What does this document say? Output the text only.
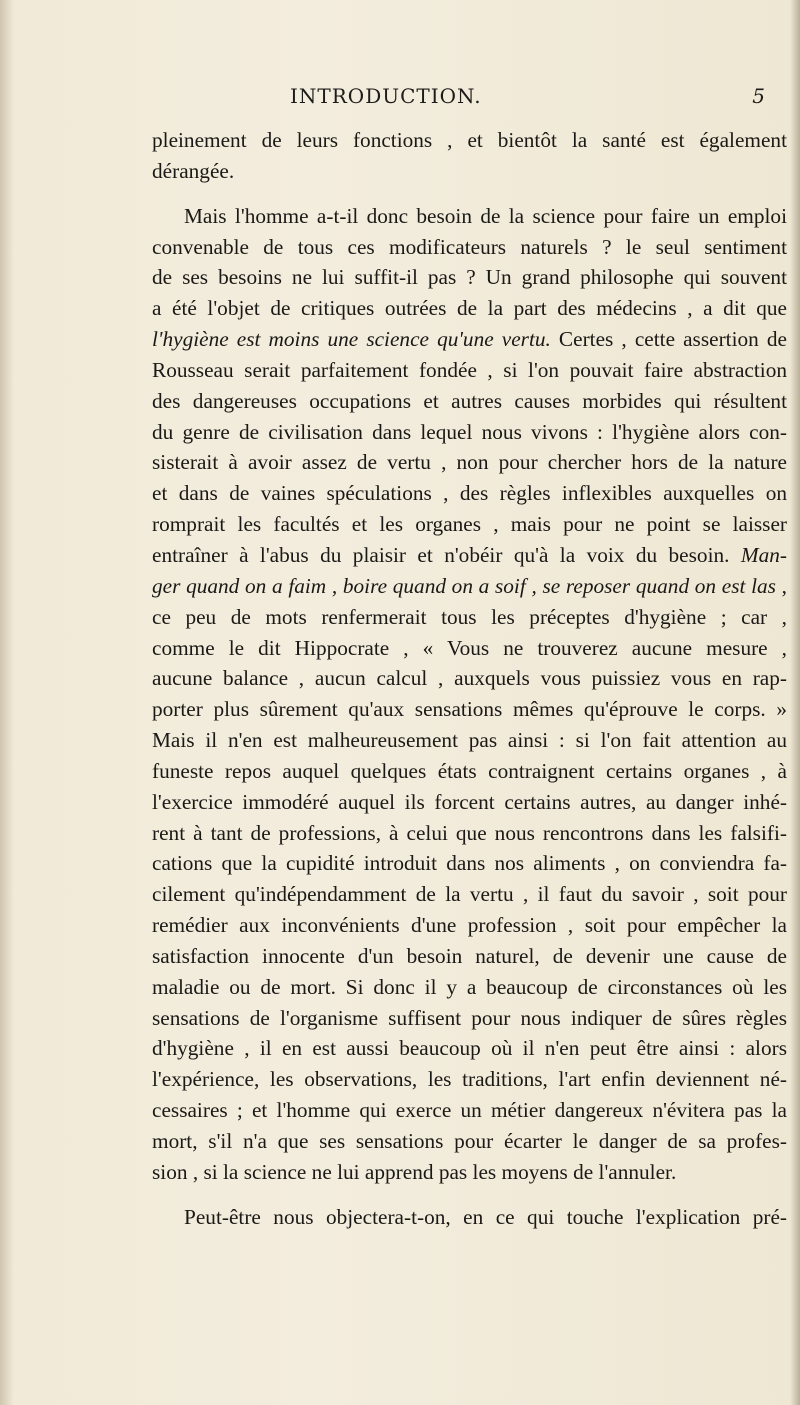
INTRODUCTION.	5

pleinement de leurs fonctions , et bientôt la santé est également
dérangée.

Mais l'homme a-t-il donc besoin de la science pour faire un emploi
convenable de tous ces modificateurs naturels ? le seul sentiment
de ses besoins ne lui suffit-il pas ? Un grand philosophe qui souvent
a été l'objet de critiques outrées de la part des médecins , a dit que
l'hygiène est moins une science qu'une vertu. Certes , cette assertion de
Rousseau serait parfaitement fondée , si l'on pouvait faire abstraction
des dangereuses occupations et autres causes morbides qui résultent
du genre de civilisation dans lequel nous vivons : l'hygiène alors con-
sisterait à avoir assez de vertu , non pour chercher hors de la nature
et dans de vaines spéculations , des règles inflexibles auxquelles on
romprait les facultés et les organes , mais pour ne point se laisser
entraîner à l'abus du plaisir et n'obéir qu'à la voix du besoin. Man-
ger quand on a faim , boire quand on a soif , se reposer quand on est las ,
ce peu de mots renfermerait tous les préceptes d'hygiène ; car ,
comme le dit Hippocrate , « Vous ne trouverez aucune mesure ,
aucune balance , aucun calcul , auxquels vous puissiez vous en rap-
porter plus sûrement qu'aux sensations mêmes qu'éprouve le corps. »
Mais il n'en est malheureusement pas ainsi : si l'on fait attention au
funeste repos auquel quelques états contraignent certains organes , à
l'exercice immodéré auquel ils forcent certains autres, au danger inhé-
rent à tant de professions, à celui que nous rencontrons dans les falsifi-
cations que la cupidité introduit dans nos aliments , on conviendra fa-
cilement qu'indépendamment de la vertu , il faut du savoir , soit pour
remédier aux inconvénients d'une profession , soit pour empêcher la
satisfaction innocente d'un besoin naturel, de devenir une cause de
maladie ou de mort. Si donc il y a beaucoup de circonstances où les
sensations de l'organisme suffisent pour nous indiquer de sûres règles
d'hygiène , il en est aussi beaucoup où il n'en peut être ainsi : alors
l'expérience, les observations, les traditions, l'art enfin deviennent né-
cessaires ; et l'homme qui exerce un métier dangereux n'évitera pas la
mort, s'il n'a que ses sensations pour écarter le danger de sa profes-
sion , si la science ne lui apprend pas les moyens de l'annuler.

Peut-être nous objectera-t-on, en ce qui touche l'explication pré-
